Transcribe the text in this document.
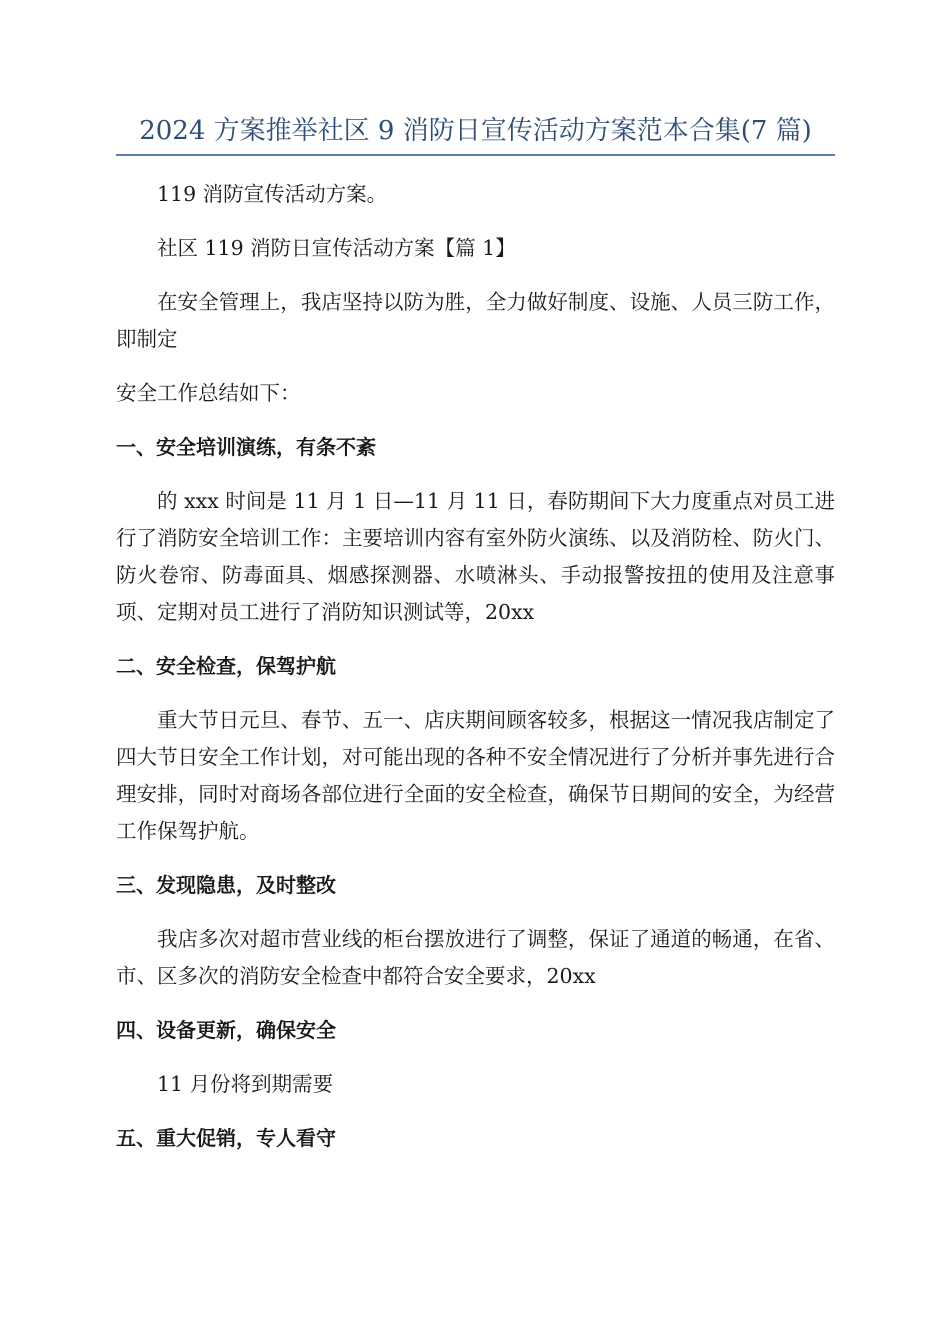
2024 方案推举社区 9 消防日宣传活动方案范本合集(7 篇)

119 消防宣传活动方案。

社区 119 消防日宣传活动方案【篇 1】

在安全管理上，我店坚持以防为胜，全力做好制度、设施、人员三防工作，即制定

安全工作总结如下：

一、安全培训演练，有条不紊

的 xxx 时间是 11 月 1 日—11 月 11 日，春防期间下大力度重点对员工进行了消防安全培训工作：主要培训内容有室外防火演练、以及消防栓、防火门、防火卷帘、防毒面具、烟感探测器、水喷淋头、手动报警按扭的使用及注意事项、定期对员工进行了消防知识测试等，20xx

二、安全检查，保驾护航

重大节日元旦、春节、五一、店庆期间顾客较多，根据这一情况我店制定了四大节日安全工作计划，对可能出现的各种不安全情况进行了分析并事先进行合理安排，同时对商场各部位进行全面的安全检查，确保节日期间的安全，为经营工作保驾护航。

三、发现隐患，及时整改

我店多次对超市营业线的柜台摆放进行了调整，保证了通道的畅通，在省、市、区多次的消防安全检查中都符合安全要求，20xx

四、设备更新，确保安全

11 月份将到期需要

五、重大促销，专人看守
